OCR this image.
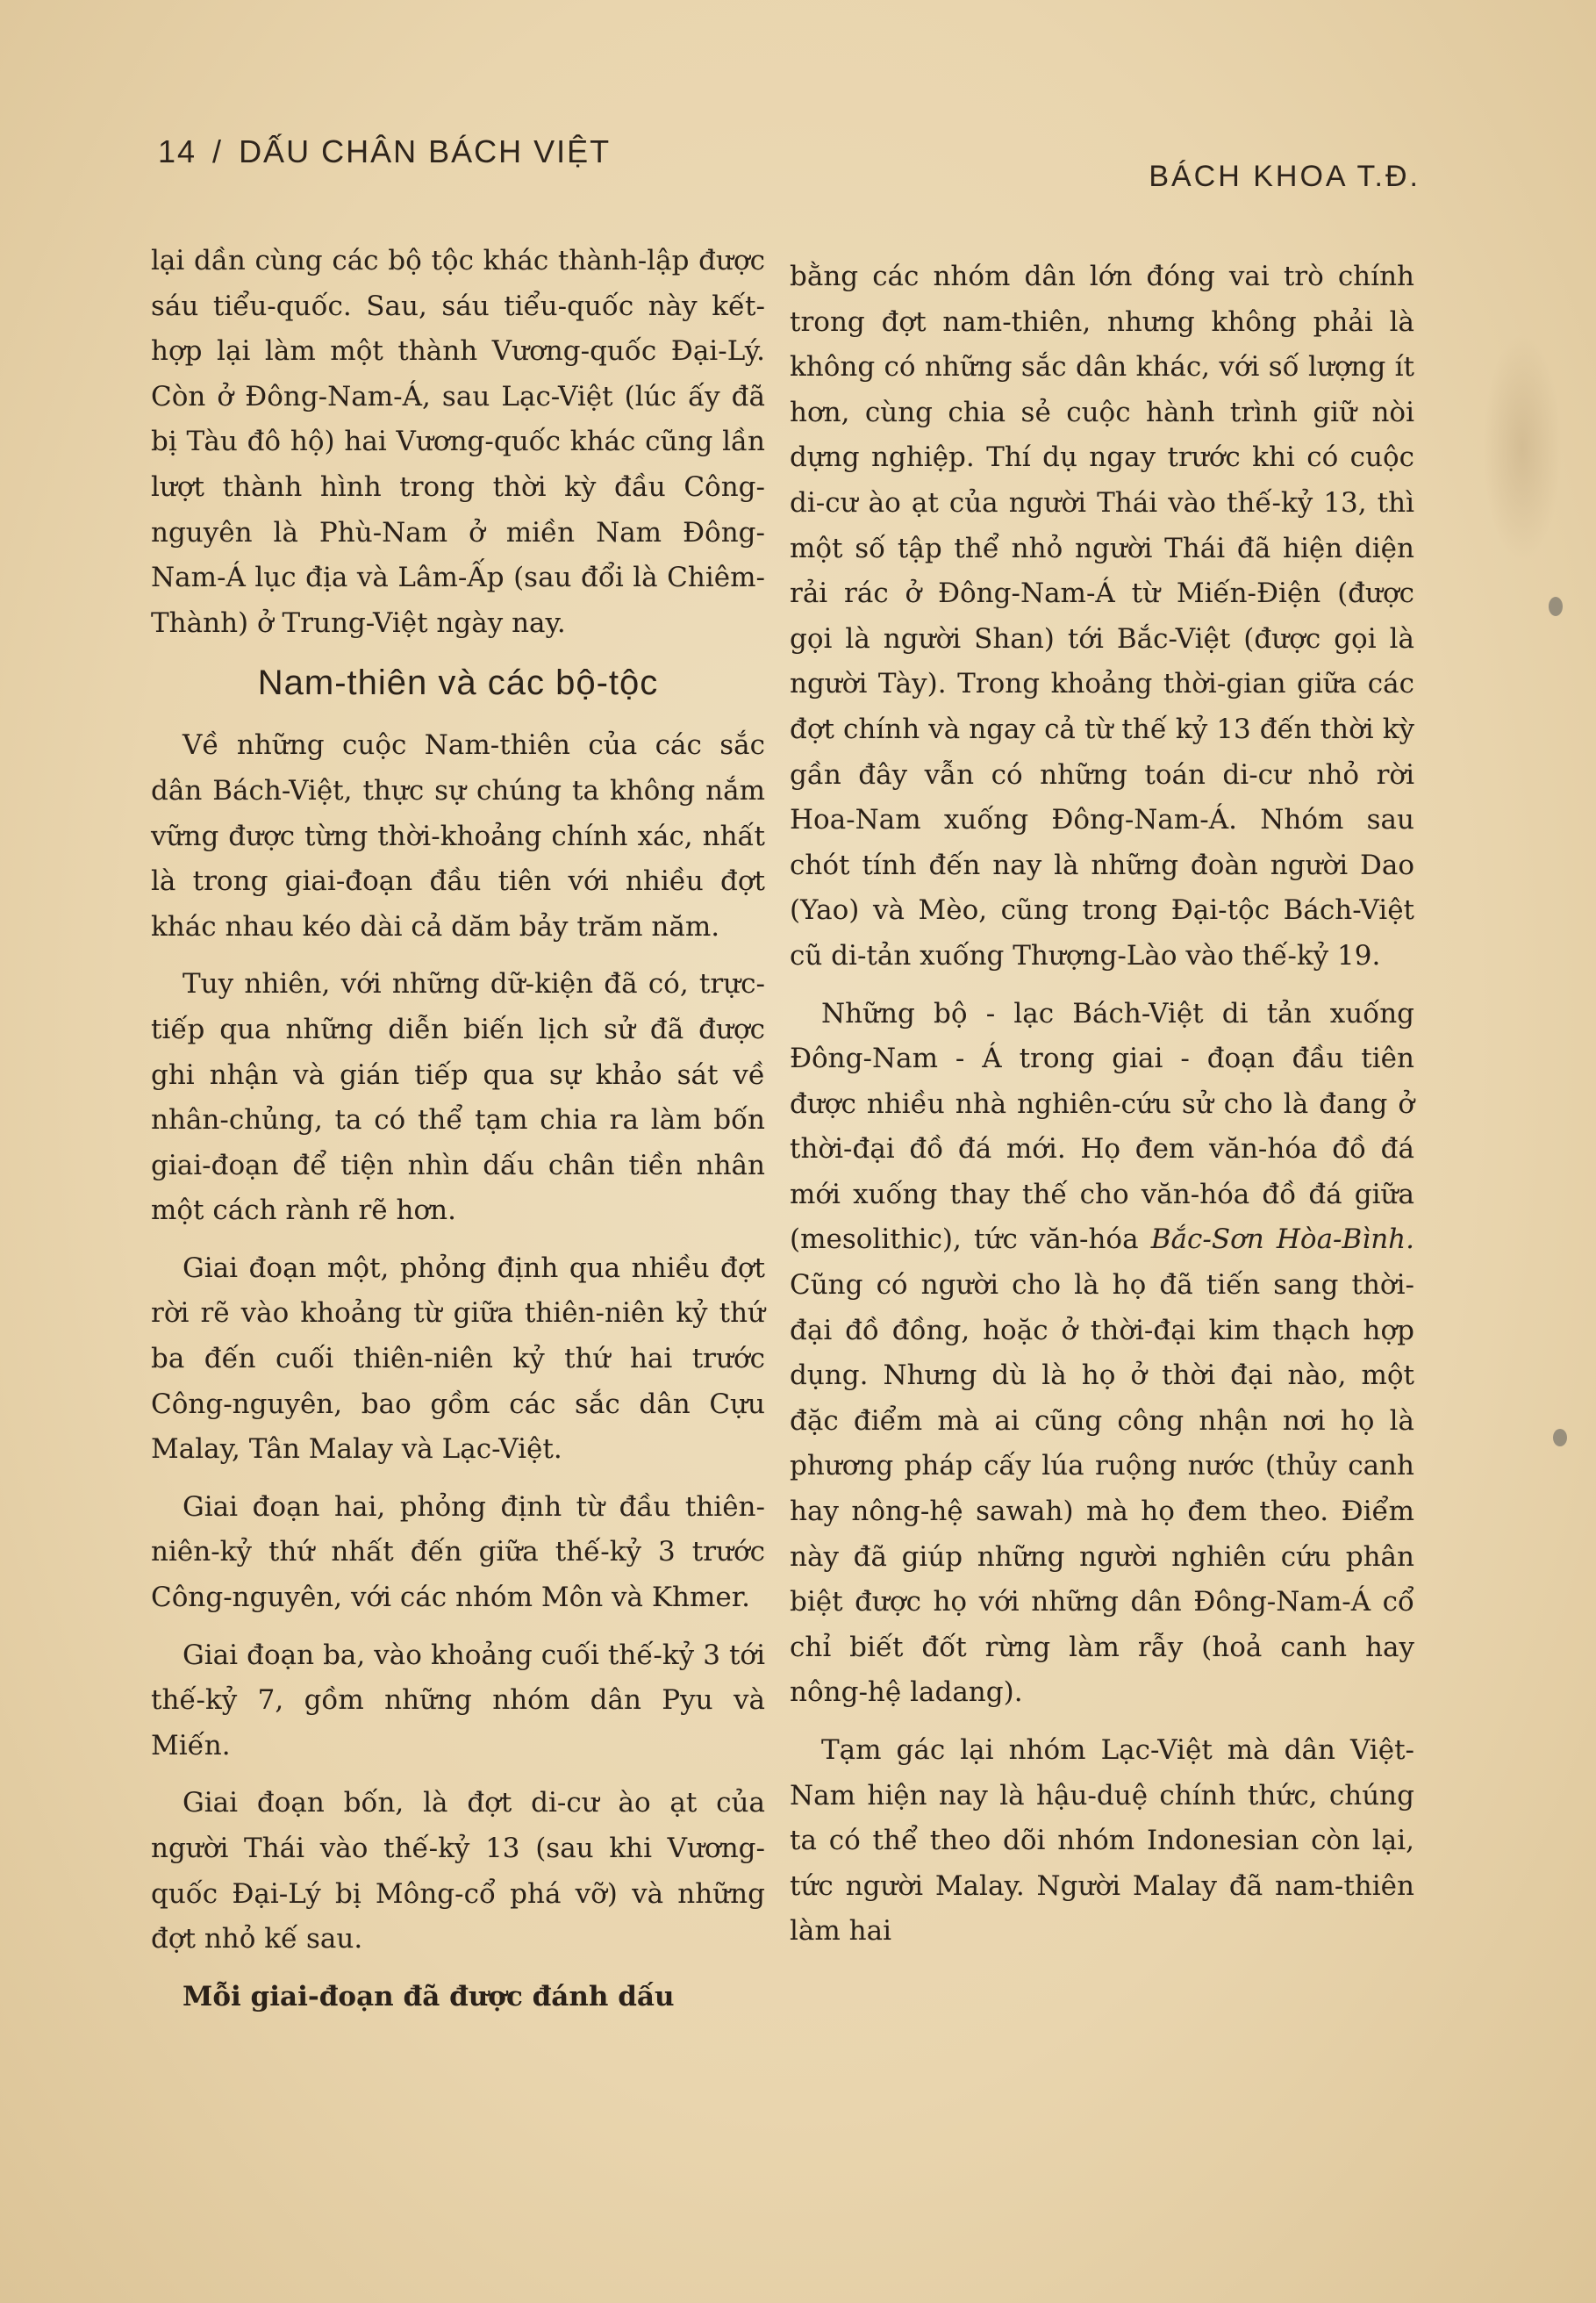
14 / DẤU CHÂN BÁCH VIỆT
BÁCH KHOA T.Đ.

lại dần cùng các bộ tộc khác thành-lập được sáu tiểu-quốc. Sau, sáu tiểu-quốc này kết-hợp lại làm một thành Vương-quốc Đại-Lý. Còn ở Đông-Nam-Á, sau Lạc-Việt (lúc ấy đã bị Tàu đô hộ) hai Vương-quốc khác cũng lần lượt thành hình trong thời kỳ đầu Công-nguyên là Phù-Nam ở miền Nam Đông-Nam-Á lục địa và Lâm-Ấp (sau đổi là Chiêm-Thành) ở Trung-Việt ngày nay.

Nam-thiên và các bộ-tộc

Về những cuộc Nam-thiên của các sắc dân Bách-Việt, thực sự chúng ta không nắm vững được từng thời-khoảng chính xác, nhất là trong giai-đoạn đầu tiên với nhiều đợt khác nhau kéo dài cả dăm bảy trăm năm.

Tuy nhiên, với những dữ-kiện đã có, trực-tiếp qua những diễn biến lịch sử đã được ghi nhận và gián tiếp qua sự khảo sát về nhân-chủng, ta có thể tạm chia ra làm bốn giai-đoạn để tiện nhìn dấu chân tiền nhân một cách rành rẽ hơn.

Giai đoạn một, phỏng định qua nhiều đợt rời rẽ vào khoảng từ giữa thiên-niên kỷ thứ ba đến cuối thiên-niên kỷ thứ hai trước Công-nguyên, bao gồm các sắc dân Cựu Malay, Tân Malay và Lạc-Việt.

Giai đoạn hai, phỏng định từ đầu thiên-niên-kỷ thứ nhất đến giữa thế-kỷ 3 trước Công-nguyên, với các nhóm Môn và Khmer.

Giai đoạn ba, vào khoảng cuối thế-kỷ 3 tới thế-kỷ 7, gồm những nhóm dân Pyu và Miến.

Giai đoạn bốn, là đợt di-cư ào ạt của người Thái vào thế-kỷ 13 (sau khi Vương-quốc Đại-Lý bị Mông-cổ phá vỡ) và những đợt nhỏ kế sau.

Mỗi giai-đoạn đã được đánh dấu

bằng các nhóm dân lớn đóng vai trò chính trong đợt nam-thiên, nhưng không phải là không có những sắc dân khác, với số lượng ít hơn, cùng chia sẻ cuộc hành trình giữ nòi dựng nghiệp. Thí dụ ngay trước khi có cuộc di-cư ào ạt của người Thái vào thế-kỷ 13, thì một số tập thể nhỏ người Thái đã hiện diện rải rác ở Đông-Nam-Á từ Miến-Điện (được gọi là người Shan) tới Bắc-Việt (được gọi là người Tày). Trong khoảng thời-gian giữa các đợt chính và ngay cả từ thế kỷ 13 đến thời kỳ gần đây vẫn có những toán di-cư nhỏ rời Hoa-Nam xuống Đông-Nam-Á. Nhóm sau chót tính đến nay là những đoàn người Dao (Yao) và Mèo, cũng trong Đại-tộc Bách-Việt cũ di-tản xuống Thượng-Lào vào thế-kỷ 19.

Những bộ - lạc Bách-Việt di tản xuống Đông-Nam - Á trong giai - đoạn đầu tiên được nhiều nhà nghiên-cứu sử cho là đang ở thời-đại đồ đá mới. Họ đem văn-hóa đồ đá mới xuống thay thế cho văn-hóa đồ đá giữa (mesolithic), tức văn-hóa Bắc-Sơn Hòa-Bình. Cũng có người cho là họ đã tiến sang thời-đại đồ đồng, hoặc ở thời-đại kim thạch hợp dụng. Nhưng dù là họ ở thời đại nào, một đặc điểm mà ai cũng công nhận nơi họ là phương pháp cấy lúa ruộng nước (thủy canh hay nông-hệ sawah) mà họ đem theo. Điểm này đã giúp những người nghiên cứu phân biệt được họ với những dân Đông-Nam-Á cổ chỉ biết đốt rừng làm rẫy (hoả canh hay nông-hệ ladang).

Tạm gác lại nhóm Lạc-Việt mà dân Việt-Nam hiện nay là hậu-duệ chính thức, chúng ta có thể theo dõi nhóm Indonesian còn lại, tức người Malay. Người Malay đã nam-thiên làm hai
